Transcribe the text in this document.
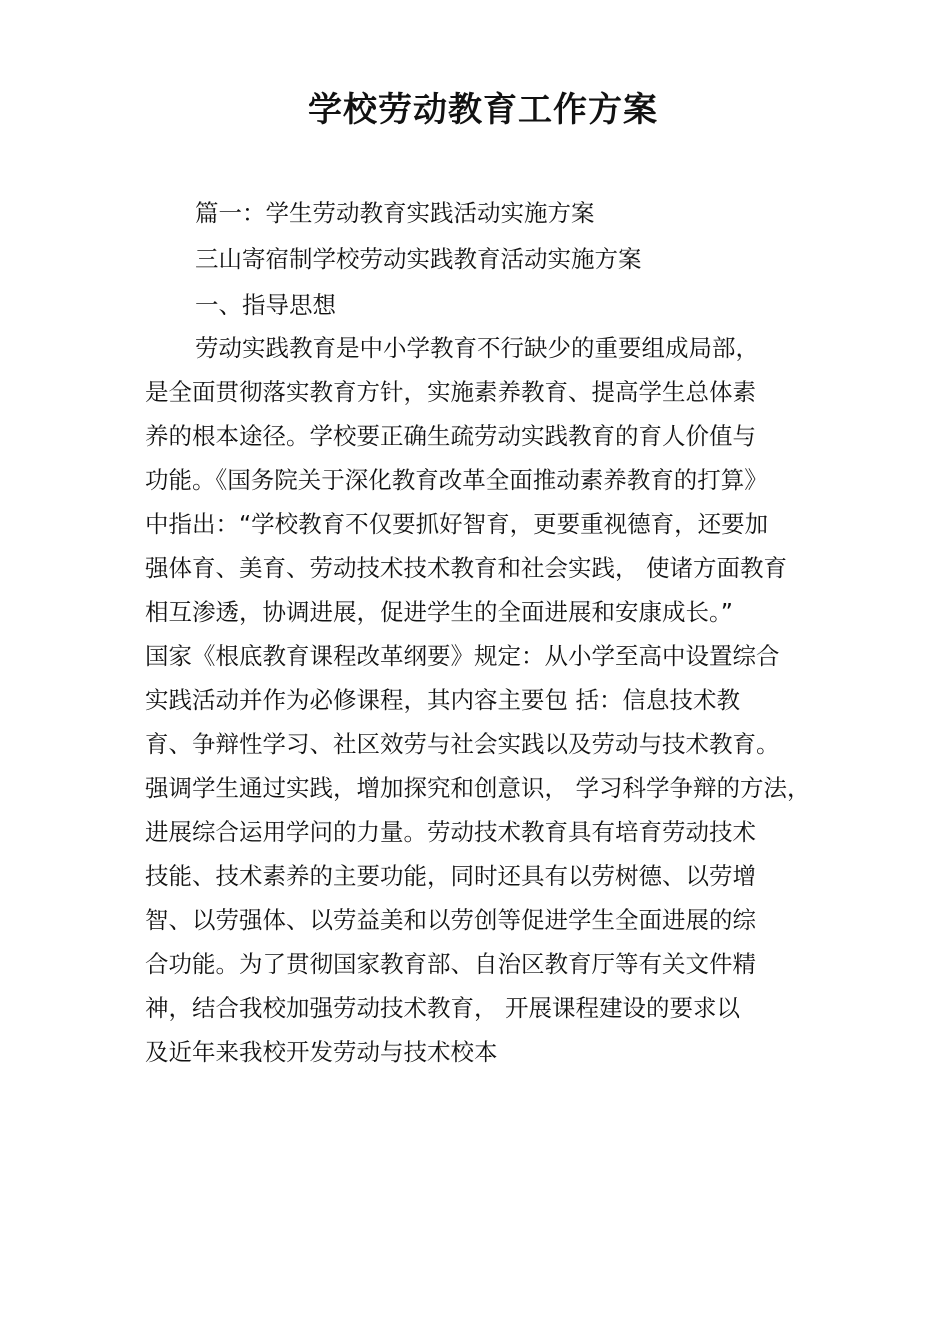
学校劳动教育工作方案
篇一：学生劳动教育实践活动实施方案
三山寄宿制学校劳动实践教育活动实施方案
一、指导思想
劳动实践教育是中小学教育不行缺少的重要组成局部，
是全面贯彻落实教育方针，实施素养教育、提高学生总体素
养的根本途径。学校要正确生疏劳动实践教育的育人价值与
功能。《国务院关于深化教育改革全面推动素养教育的打算》
中指出：“学校教育不仅要抓好智育，更要重视德育，还要加
强体育、美育、劳动技术技术教育和社会实践， 使诸方面教育
相互渗透，协调进展，促进学生的全面进展和安康成长。”
国家《根底教育课程改革纲要》规定：从小学至高中设置综合
实践活动并作为必修课程，其内容主要包 括：信息技术教
育、争辩性学习、社区效劳与社会实践以及劳动与技术教育。
强调学生通过实践，增加探究和创意识， 学习科学争辩的方法，
进展综合运用学问的力量。劳动技术教育具有培育劳动技术
技能、技术素养的主要功能，同时还具有以劳树德、以劳增
智、以劳强体、以劳益美和以劳创等促进学生全面进展的综
合功能。为了贯彻国家教育部、自治区教育厅等有关文件精
神，结合我校加强劳动技术教育， 开展课程建设的要求以
及近年来我校开发劳动与技术校本
